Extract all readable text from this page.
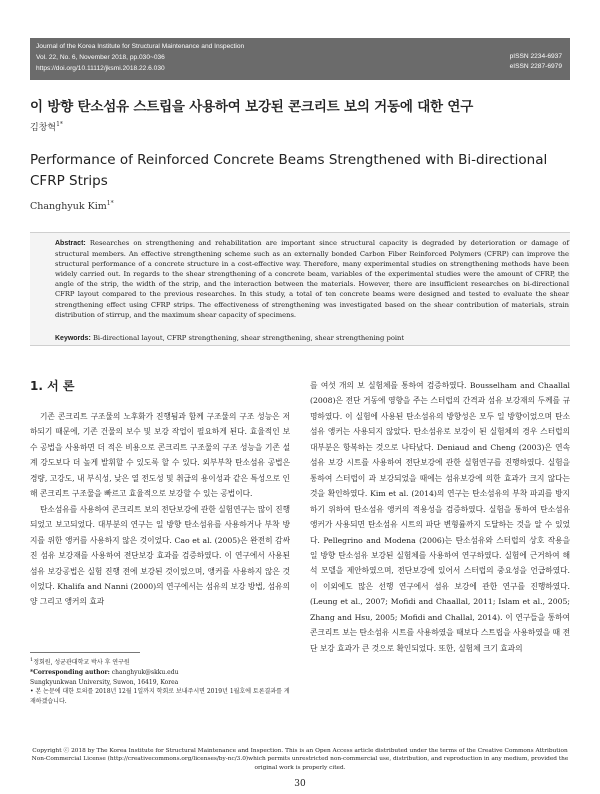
Journal of the Korea Institute for Structural Maintenance and Inspection
Vol. 22, No. 6, November 2018, pp.030~036
https://doi.org/10.11112/jksmi.2018.22.6.030
pISSN 2234-6937
eISSN 2287-6979
이 방향 탄소섬유 스트립을 사용하여 보강된 콘크리트 보의 거동에 대한 연구
김창혁$^{1*}$
Performance of Reinforced Concrete Beams Strengthened with Bi-directional CFRP Strips
Changhyuk Kim$^{1*}$
Abstract: Researches on strengthening and rehabilitation are important since structural capacity is degraded by deterioration or damage of structural members. An effective strengthening scheme such as an externally bonded Carbon Fiber Reinforced Polymers (CFRP) can improve the structural performance of a concrete structure in a cost-effective way. Therefore, many experimental studies on strengthening methods have been widely carried out. In regards to the shear strengthening of a concrete beam, variables of the experimental studies were the amount of CFRP, the angle of the strip, the width of the strip, and the interaction between the materials. However, there are insufficient researches on bi-directional CFRP layout compared to the previous researches. In this study, a total of ten concrete beams were designed and tested to evaluate the shear strengthening effect using CFRP strips. The effectiveness of strengthening was investigated based on the shear contribution of materials, strain distribution of stirrup, and the maximum shear capacity of specimens.
Keywords: Bi-directional layout, CFRP strengthening, shear strengthening, shear strengthening point
1. 서 론

기존 콘크리트 구조물의 노후화가 진행됨과 함께 구조물의 구조 성능은 저하되기 때문에, 기존 건물의 보수 및 보강 작업이 필요하게 된다. 효율적인 보수 공법을 사용하면 더 적은 비용으로 콘크리트 구조물의 구조 성능을 기존 설계 강도보다 더 높게 발휘할 수 있도록 할 수 있다. 외부부착 탄소섬유 공법은 경량, 고강도, 내 부식성, 낮은 열 전도성 및 취급의 용이성과 같은 특성으로 인해 콘크리트 구조물을 빠르고 효율적으로 보강할 수 있는 공법이다.

탄소섬유를 사용하여 콘크리트 보의 전단보강에 관한 실험연구는 많이 진행되었고 보고되었다. 대부분의 연구는 일 방향 탄소섬유를 사용하거나 부착 방지를 위한 앵커를 사용하지 않은 것이었다. Cao et al. (2005)은 완전히 감싸진 섬유 보강재를 사용하여 전단보강 효과를 검증하였다. 이 연구에서 사용된 섬유 보강공법은 실험 진행 전에 보강된 것이었으며, 앵커를 사용하지 않은 것이었다. Khalifa and Nanni (2000)의 연구에서는 섬유의 보강 방법, 섬유의 양 그리고 앵커의 효과

를 여섯 개의 보 실험체를 통하여 검증하였다. Bousselham and Chaallal (2008)은 전단 거동에 영향을 주는 스터럽의 간격과 섬유 보강재의 두께를 규명하였다. 이 실험에 사용된 탄소섬유의 방향성은 모두 일 방향이었으며 탄소섬유 앵커는 사용되지 않았다. 탄소섬유로 보강이 된 실험체의 경우 스터럽의 대부분은 항복하는 것으로 나타났다. Deniaud and Cheng (2003)은 연속 섬유 보강 시트를 사용하여 전단보강에 관한 실험연구를 진행하였다. 실험을 통하여 스터럽이 과 보강되었을 때에는 섬유보강에 의한 효과가 크지 않다는 것을 확인하였다. Kim et al. (2014)의 연구는 탄소섬유의 부착 파괴를 방지하기 위하여 탄소섬유 앵커의 적용성을 검증하였다. 실험을 통하여 탄소섬유 앵커가 사용되면 탄소섬유 시트의 파단 변형률까지 도달하는 것을 알 수 있었다. Pellegrino and Modena (2006)는 탄소섬유와 스터럽의 상호 작용을 일 방향 탄소섬유 보강된 실험체를 사용하여 연구하였다. 실험에 근거하여 해석 모델을 제안하였으며, 전단보강에 있어서 스터럽의 중요성을 언급하였다. 이 이외에도 많은 선행 연구에서 섬유 보강에 관한 연구를 진행하였다. (Leung et al., 2007; Mofidi and Chaallal, 2011; Islam et al., 2005; Zhang and Hsu, 2005; Mofidi and Challal, 2014). 이 연구들을 통하여 콘크리트 보는 탄소섬유 시트를 사용하였을 때보다 스트립을 사용하였을 때 전단 보강 효과가 큰 것으로 확인되었다. 또한, 실험체 크기 효과의

$^1$정회원, 성균관대학교 박사 후 연구원

*Corresponding author: changhyuk@skku.edu

Sungkyunkwan University, Suwon, 16419, Korea

• 본 논문에 대한 토의를 2018년 12월 1일까지 학회로 보내주시면 2019년 1월호에 토론결과를 게재하겠습니다.

Copyright ⓒ 2018 by The Korea Institute for Structural Maintenance and Inspection. This is an Open Access article distributed under the terms of the Creative Commons Attribution Non-Commercial License (http://creativecommons.org/licenses/by-nc/3.0)which permits unrestricted non-commercial use, distribution, and reproduction in any medium, provided the original work is properly cited.
30
